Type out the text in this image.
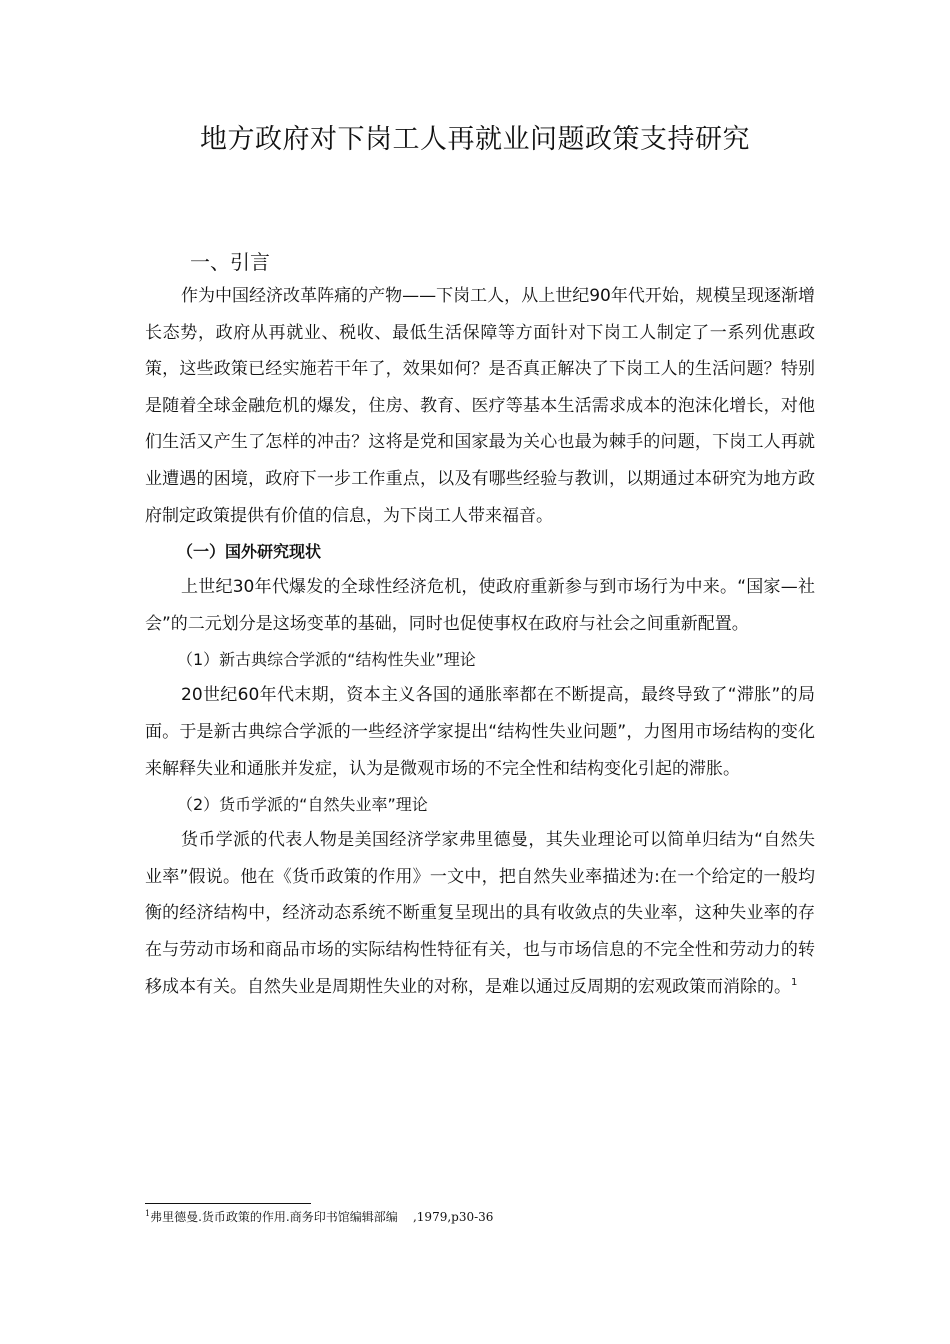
地方政府对下岗工人再就业问题政策支持研究
一、引言

作为中国经济改革阵痛的产物——下岗工人，从上世纪90年代开始，规模呈现逐渐增长态势，政府从再就业、税收、最低生活保障等方面针对下岗工人制定了一系列优惠政策，这些政策已经实施若干年了，效果如何？是否真正解决了下岗工人的生活问题？特别是随着全球金融危机的爆发，住房、教育、医疗等基本生活需求成本的泡沫化增长，对他们生活又产生了怎样的冲击？这将是党和国家最为关心也最为棘手的问题，下岗工人再就业遭遇的困境，政府下一步工作重点，以及有哪些经验与教训，以期通过本研究为地方政府制定政策提供有价值的信息，为下岗工人带来福音。

（一）国外研究现状

上世纪30年代爆发的全球性经济危机，使政府重新参与到市场行为中来。“国家—社会”的二元划分是这场变革的基础，同时也促使事权在政府与社会之间重新配置。

（1）新古典综合学派的“结构性失业”理论

20世纪60年代末期，资本主义各国的通胀率都在不断提高，最终导致了“滞胀”的局面。于是新古典综合学派的一些经济学家提出“结构性失业问题”，力图用市场结构的变化来解释失业和通胀并发症，认为是微观市场的不完全性和结构变化引起的滞胀。

（2）货币学派的“自然失业率”理论

货币学派的代表人物是美国经济学家弗里德曼，其失业理论可以简单归结为“自然失业率”假说。他在《货币政策的作用》一文中，把自然失业率描述为:在一个给定的一般均衡的经济结构中，经济动态系统不断重复呈现出的具有收敛点的失业率，这种失业率的存在与劳动市场和商品市场的实际结构性特征有关，也与市场信息的不完全性和劳动力的转移成本有关。自然失业是周期性失业的对称，是难以通过反周期的宏观政策而消除的。$^1$

$^1$弗里德曼.货币政策的作用.商务印书馆编辑部编    ,1979,p30-36
